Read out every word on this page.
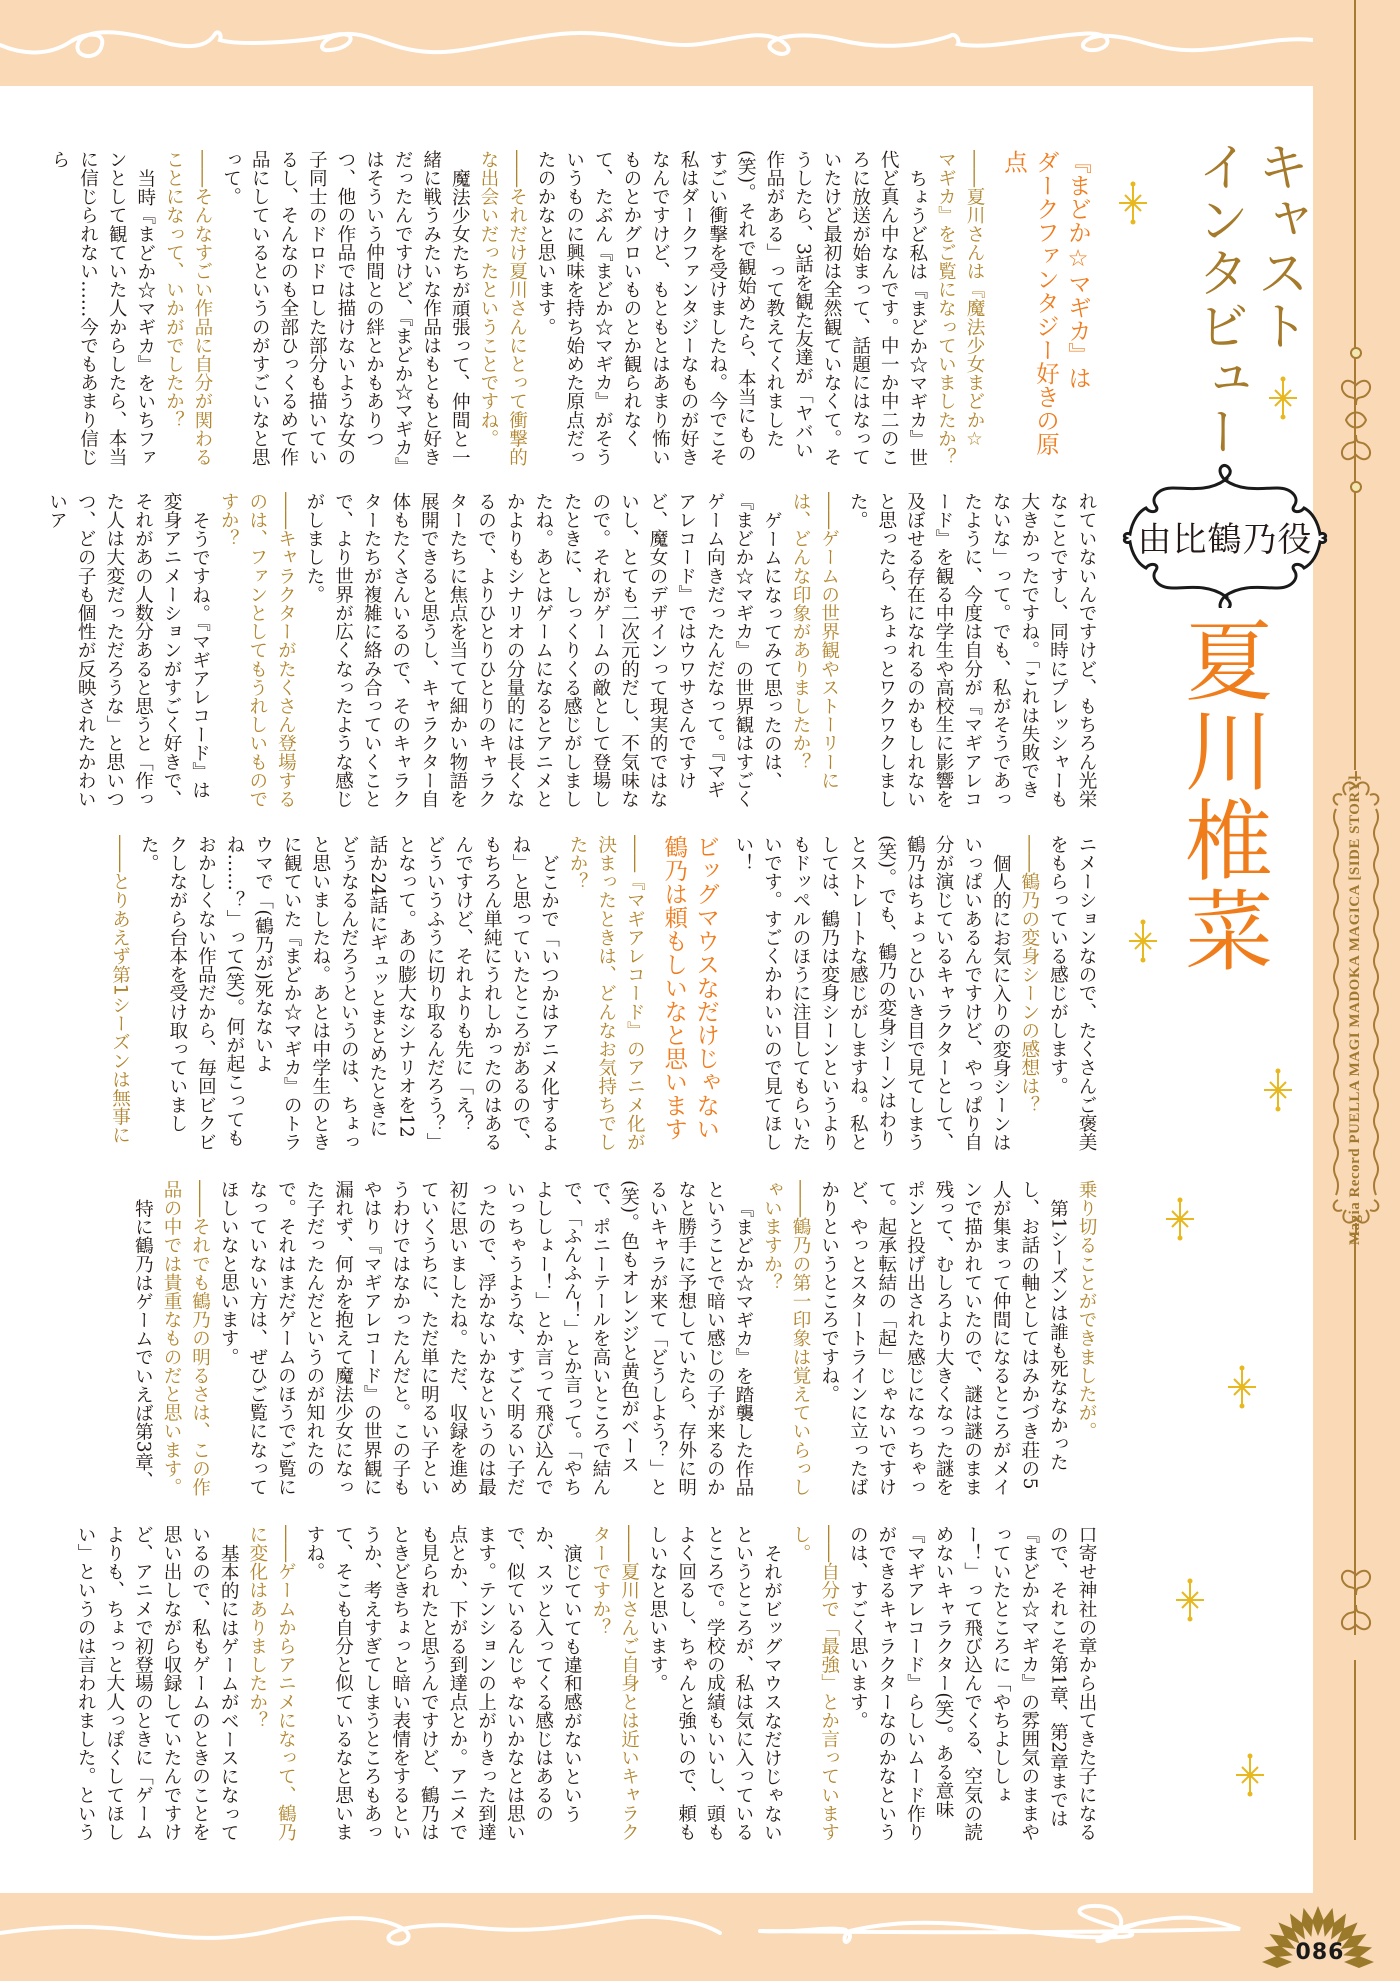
Magia Record PUELLA MAGI MADOKA MAGICA [SIDE STORY]
086
キャスト
インタビュー
由比鶴乃役
夏川椎菜

『まどか☆マギカ』は
ダークファンタジー好きの原点

――夏川さんは『魔法少女まどか☆マギカ』をご覧になっていましたか？

ちょうど私は『まどか☆マギカ』世代ど真ん中なんです。中一か中二のころに放送が始まって、話題にはなっていたけど最初は全然観ていなくて。そうしたら、3話を観た友達が「ヤバい作品がある」って教えてくれました(笑)。それで観始めたら、本当にものすごい衝撃を受けましたね。今でこそ私はダークファンタジーなものが好きなんですけど、もともとはあまり怖いものとかグロいものとか観られなくて、たぶん『まどか☆マギカ』がそういうものに興味を持ち始めた原点だったのかなと思います。

――それだけ夏川さんにとって衝撃的な出会いだったということですね。

魔法少女たちが頑張って、仲間と一緒に戦うみたいな作品はもともと好きだったんですけど、『まどか☆マギカ』はそういう仲間との絆とかもありつつ、他の作品では描けないような女の子同士のドロドロした部分も描いているし、そんなのも全部ひっくるめて作品にしているというのがすごいなと思って。

――そんなすごい作品に自分が関わることになって、いかがでしたか？

当時『まどか☆マギカ』をいちファンとして観ていた人からしたら、本当に信じられない……今でもあまり信じら

れていないんですけど、もちろん光栄なことですし、同時にプレッシャーも大きかったですね。「これは失敗できないな」って。でも、私がそうであったように、今度は自分が『マギアレコード』を観る中学生や高校生に影響を及ぼせる存在になれるのかもしれないと思ったら、ちょっとワクワクしました。

――ゲームの世界観やストーリーには、どんな印象がありましたか？

ゲームになってみて思ったのは、『まどか☆マギカ』の世界観はすごくゲーム向きだったんだなって。『マギアレコード』ではウワサさんですけど、魔女のデザインって現実的ではないし、とても二次元的だし、不気味なので。それがゲームの敵として登場したときに、しっくりくる感じがしましたね。あとはゲームになるとアニメとかよりもシナリオの分量的には長くなるので、よりひとりひとりのキャラクターたちに焦点を当てて細かい物語を展開できると思うし、キャラクター自体もたくさんいるので、そのキャラクターたちが複雑に絡み合っていくことで、より世界が広くなったような感じがしました。

――キャラクターがたくさん登場するのは、ファンとしてもうれしいものですか？

そうですね。『マギアレコード』は変身アニメーションがすごく好きで、それがあの人数分あると思うと「作った人は大変だっただろうな」と思いつつ、どの子も個性が反映されたかわいいア

ニメーションなので、たくさんご褒美をもらっている感じがします。

――鶴乃の変身シーンの感想は？

個人的にお気に入りの変身シーンはいっぱいあるんですけど、やっぱり自分が演じているキャラクターとして、鶴乃はちょっとひいき目で見てしまう(笑)。でも、鶴乃の変身シーンはわりとストレートな感じがしますね。私としては、鶴乃は変身シーンというよりもドッペルのほうに注目してもらいたいです。すごくかわいいので見てほしい！

ビッグマウスなだけじゃない
鶴乃は頼もしいなと思います

――『マギアレコード』のアニメ化が決まったときは、どんなお気持ちでしたか？

どこかで「いつかはアニメ化するよね」と思っていたところがあるので、もちろん単純にうれしかったのはあるんですけど、それよりも先に「え？　どういうふうに切り取るんだろう？」となって。あの膨大なシナリオを12話か24話にギュッとまとめたときにどうなるんだろうというのは、ちょっと思いましたね。あとは中学生のときに観ていた『まどか☆マギカ』のトラウマで「(鶴乃が)死なないよね……？」って(笑)。何が起こってもおかしくない作品だから、毎回ビクビクしながら台本を受け取っていました。

――とりあえず第1シーズンは無事に

乗り切ることができましたが。

第1シーズンは誰も死ななかったし、お話の軸としてはみかづき荘の5人が集まって仲間になるところがメインで描かれていたので、謎は謎のまま残って、むしろより大きくなった謎をポンと投げ出された感じになっちゃって。起承転結の「起」じゃないですけど、やっとスタートラインに立ったばかりというところですね。

――鶴乃の第一印象は覚えていらっしゃいますか？

『まどか☆マギカ』を踏襲した作品ということで暗い感じの子が来るのかなと勝手に予想していたら、存外に明るいキャラが来て「どうしよう？」と(笑)。色もオレンジと黄色がベースで、ポニーテールを高いところで結んで、「ふんふん！」とか言って。「やちよししょー！」とか言って飛び込んでいっちゃうような、すごく明るい子だったので、浮かないかなというのは最初に思いましたね。ただ、収録を進めていくうちに、ただ単に明るい子というわけではなかったんだと。この子もやはり『マギアレコード』の世界観に漏れず、何かを抱えて魔法少女になった子だったんだというのが知れたので。それはまだゲームのほうでご覧になっていない方は、ぜひご覧になってほしいなと思います。

――それでも鶴乃の明るさは、この作品の中では貴重なものだと思います。

特に鶴乃はゲームでいえば第3章、

口寄せ神社の章から出てきた子になるので、それこそ第1章、第2章までは『まどか☆マギカ』の雰囲気のままやっていたところに「やちよししょー！」って飛び込んでくる、空気の読めないキャラクター(笑)。ある意味『マギアレコード』らしいムード作りができるキャラクターなのかなというのは、すごく思います。

――自分で「最強」とか言っていますし。

それがビッグマウスなだけじゃないというところが、私は気に入っているところで。学校の成績もいいし、頭もよく回るし、ちゃんと強いので、頼もしいなと思います。

――夏川さんご自身とは近いキャラクターですか？

演じていても違和感がないというか、スッと入ってくる感じはあるので、似ているんじゃないかなとは思います。テンションの上がりきった到達点とか、下がる到達点とか。アニメでも見られたと思うんですけど、鶴乃はときどきちょっと暗い表情をするというか、考えすぎてしまうところもあって、そこも自分と似ているなと思いますね。

――ゲームからアニメになって、鶴乃に変化はありましたか？

基本的にはゲームがベースになっているので、私もゲームのときのことを思い出しながら収録していたんですけど、アニメで初登場のときに「ゲームよりも、ちょっと大人っぽくしてほしい」というのは言われました。という
